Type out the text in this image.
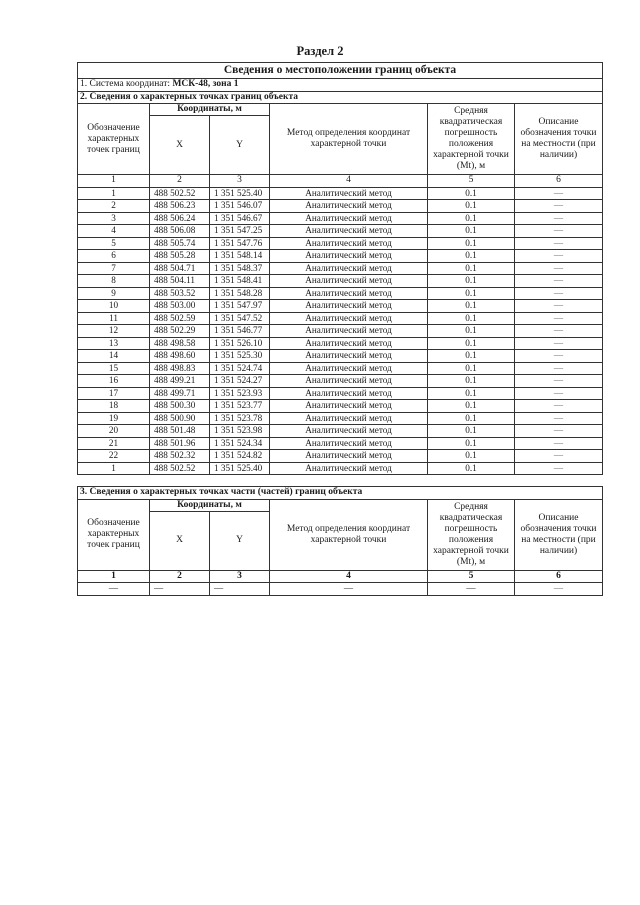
Раздел 2
Сведения о местоположении границ объекта					
1. Система координат: МСК-48, зона 1					
2. Сведения о характерных точках границ объекта					
Обозначение характерных точек границ	Координаты, м		Метод определения координат характерной точки	Средняя квадратическая погрешность положения характерной точки (Mt), м	Описание обозначения точки на местности (при наличии)
	X	Y			
1	2	3	4	5	6
1	488 502.52	1 351 525.40	Аналитический метод	0.1	—
2	488 506.23	1 351 546.07	Аналитический метод	0.1	—
3	488 506.24	1 351 546.67	Аналитический метод	0.1	—
4	488 506.08	1 351 547.25	Аналитический метод	0.1	—
5	488 505.74	1 351 547.76	Аналитический метод	0.1	—
6	488 505.28	1 351 548.14	Аналитический метод	0.1	—
7	488 504.71	1 351 548.37	Аналитический метод	0.1	—
8	488 504.11	1 351 548.41	Аналитический метод	0.1	—
9	488 503.52	1 351 548.28	Аналитический метод	0.1	—
10	488 503.00	1 351 547.97	Аналитический метод	0.1	—
11	488 502.59	1 351 547.52	Аналитический метод	0.1	—
12	488 502.29	1 351 546.77	Аналитический метод	0.1	—
13	488 498.58	1 351 526.10	Аналитический метод	0.1	—
14	488 498.60	1 351 525.30	Аналитический метод	0.1	—
15	488 498.83	1 351 524.74	Аналитический метод	0.1	—
16	488 499.21	1 351 524.27	Аналитический метод	0.1	—
17	488 499.71	1 351 523.93	Аналитический метод	0.1	—
18	488 500.30	1 351 523.77	Аналитический метод	0.1	—
19	488 500.90	1 351 523.78	Аналитический метод	0.1	—
20	488 501.48	1 351 523.98	Аналитический метод	0.1	—
21	488 501.96	1 351 524.34	Аналитический метод	0.1	—
22	488 502.32	1 351 524.82	Аналитический метод	0.1	—
1	488 502.52	1 351 525.40	Аналитический метод	0.1	—
3. Сведения о характерных точках части (частей) границ объекта					
Обозначение характерных точек границ	Координаты, м		Метод определения координат характерной точки	Средняя квадратическая погрешность положения характерной точки (Mt), м	Описание обозначения точки на местности (при наличии)
	X	Y			
1	2	3	4	5	6
—	—	—	—	—	—
